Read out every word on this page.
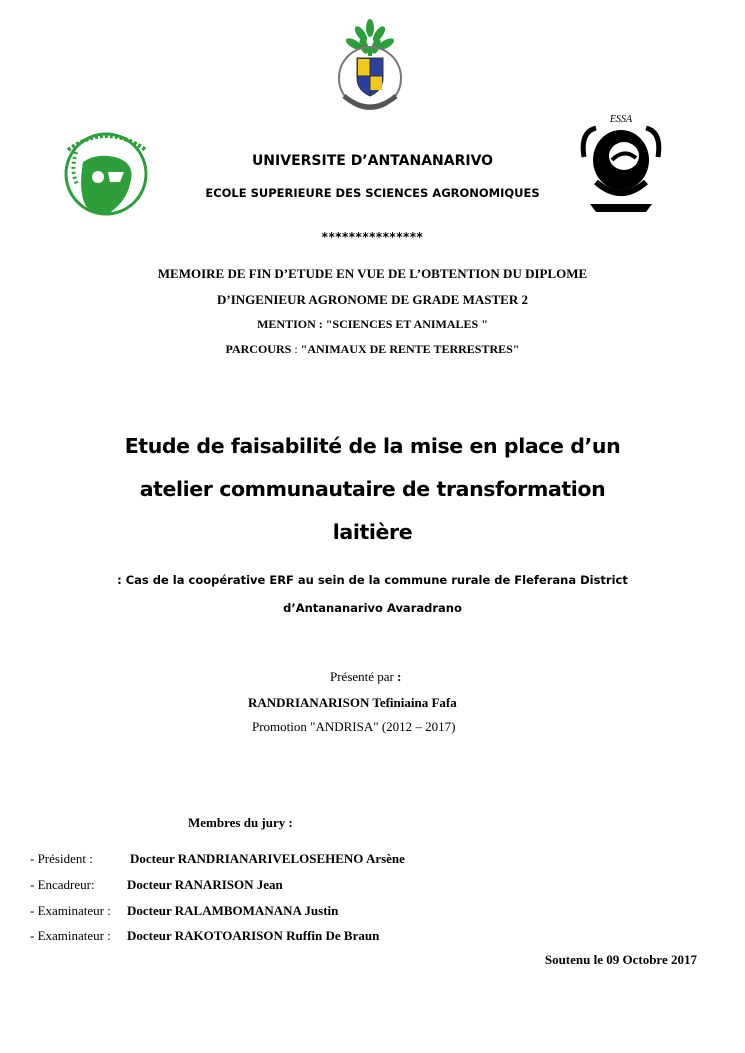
ESSA
UNIVERSITE D’ANTANANARIVO
ECOLE SUPERIEURE DES SCIENCES AGRONOMIQUES
***************
MEMOIRE DE FIN D’ETUDE EN VUE DE L’OBTENTION DU DIPLOME
D’INGENIEUR AGRONOME DE GRADE MASTER 2
MENTION : "SCIENCES ET ANIMALES "
PARCOURS : "ANIMAUX DE RENTE TERRESTRES"
Etude de faisabilité de la mise en place d’un
atelier communautaire de transformation
laitière
: Cas de la coopérative ERF au sein de la commune rurale de Fleferana District
d’Antananarivo Avaradrano
Présenté par :
RANDRIANARISON Tefiniaina Fafa
Promotion "ANDRISA" (2012 – 2017)
Membres du jury :
- Président :	Docteur RANDRIANARIVELOSEHENO Arsène
- Encadreur: Docteur RANARISON Jean
- Examinateur : Docteur RALAMBOMANANA Justin
- Examinateur : Docteur RAKOTOARISON Ruffin De Braun
Soutenu le 09 Octobre 2017
